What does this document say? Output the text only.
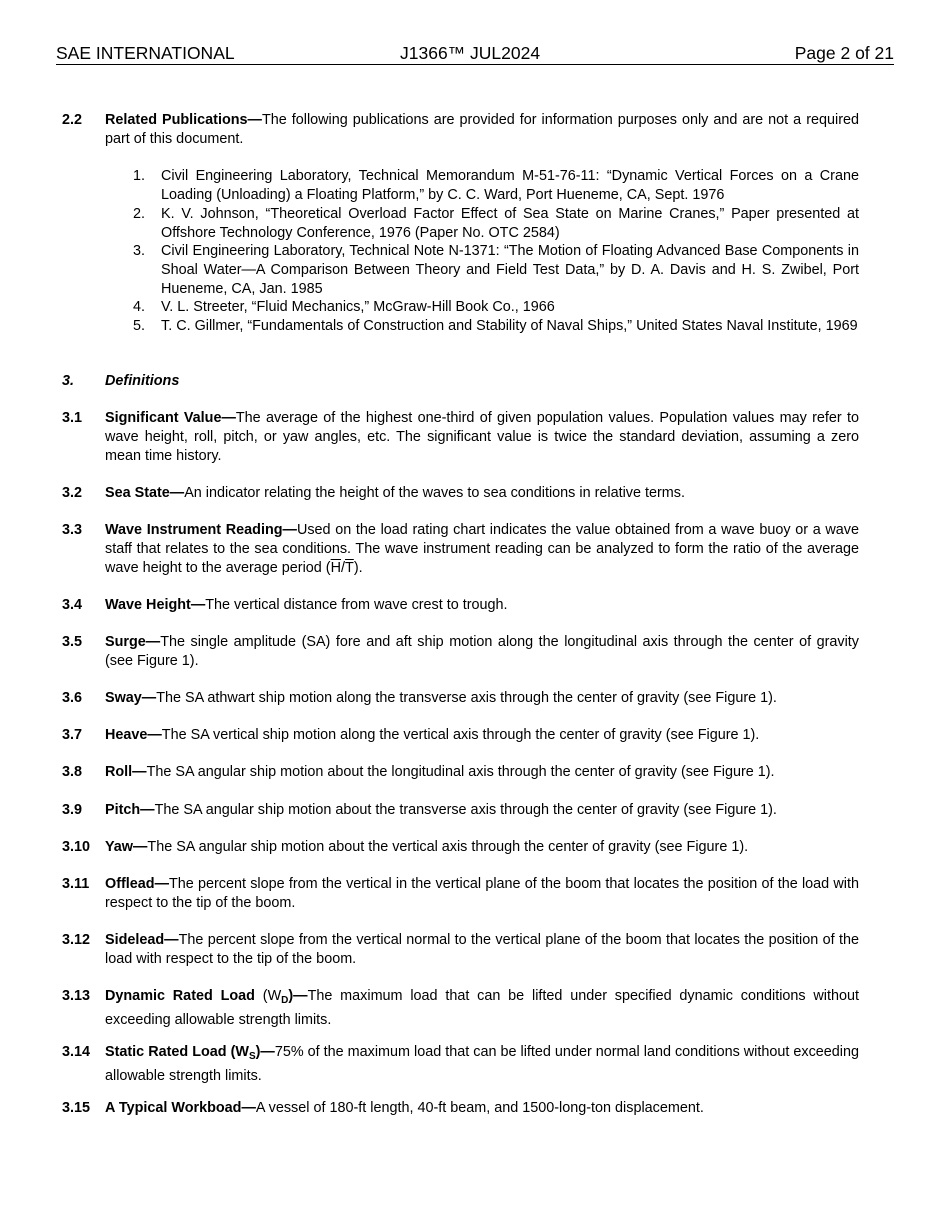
SAE INTERNATIONAL	J1366™ JUL2024	Page 2 of 21
2.2 Related Publications—The following publications are provided for information purposes only and are not a required part of this document.
1.	Civil Engineering Laboratory, Technical Memorandum M-51-76-11: “Dynamic Vertical Forces on a Crane Loading (Unloading) a Floating Platform,” by C. C. Ward, Port Hueneme, CA, Sept. 1976
2.	K. V. Johnson, “Theoretical Overload Factor Effect of Sea State on Marine Cranes,” Paper presented at Offshore Technology Conference, 1976 (Paper No. OTC 2584)
3.	Civil Engineering Laboratory, Technical Note N-1371: “The Motion of Floating Advanced Base Components in Shoal Water—A Comparison Between Theory and Field Test Data,” by D. A. Davis and H. S. Zwibel, Port Hueneme, CA, Jan. 1985
4.	V. L. Streeter, “Fluid Mechanics,” McGraw-Hill Book Co., 1966
5.	T. C. Gillmer, “Fundamentals of Construction and Stability of Naval Ships,” United States Naval Institute, 1969
3. Definitions
3.1 Significant Value—The average of the highest one-third of given population values. Population values may refer to wave height, roll, pitch, or yaw angles, etc. The significant value is twice the standard deviation, assuming a zero mean time history.
3.2 Sea State—An indicator relating the height of the waves to sea conditions in relative terms.
3.3 Wave Instrument Reading—Used on the load rating chart indicates the value obtained from a wave buoy or a wave staff that relates to the sea conditions. The wave instrument reading can be analyzed to form the ratio of the average wave height to the average period $(\overline{H}/\overline{T})$.
3.4 Wave Height—The vertical distance from wave crest to trough.
3.5 Surge—The single amplitude (SA) fore and aft ship motion along the longitudinal axis through the center of gravity (see Figure 1).
3.6 Sway—The SA athwart ship motion along the transverse axis through the center of gravity (see Figure 1).
3.7 Heave—The SA vertical ship motion along the vertical axis through the center of gravity (see Figure 1).
3.8 Roll—The SA angular ship motion about the longitudinal axis through the center of gravity (see Figure 1).
3.9 Pitch—The SA angular ship motion about the transverse axis through the center of gravity (see Figure 1).
3.10 Yaw—The SA angular ship motion about the vertical axis through the center of gravity (see Figure 1).
3.11 Offlead—The percent slope from the vertical in the vertical plane of the boom that locates the position of the load with respect to the tip of the boom.
3.12 Sidelead—The percent slope from the vertical normal to the vertical plane of the boom that locates the position of the load with respect to the tip of the boom.
3.13 Dynamic Rated Load $(W_D)—The$ maximum load that can be lifted under specified dynamic conditions without exceeding allowable strength limits.
3.14 Static Rated Load $(W_S)—75\%$ of the maximum load that can be lifted under normal land conditions without exceeding allowable strength limits.
3.15 A Typical Workboad—A vessel of 180-ft length, 40-ft beam, and 1500-long-ton displacement.
